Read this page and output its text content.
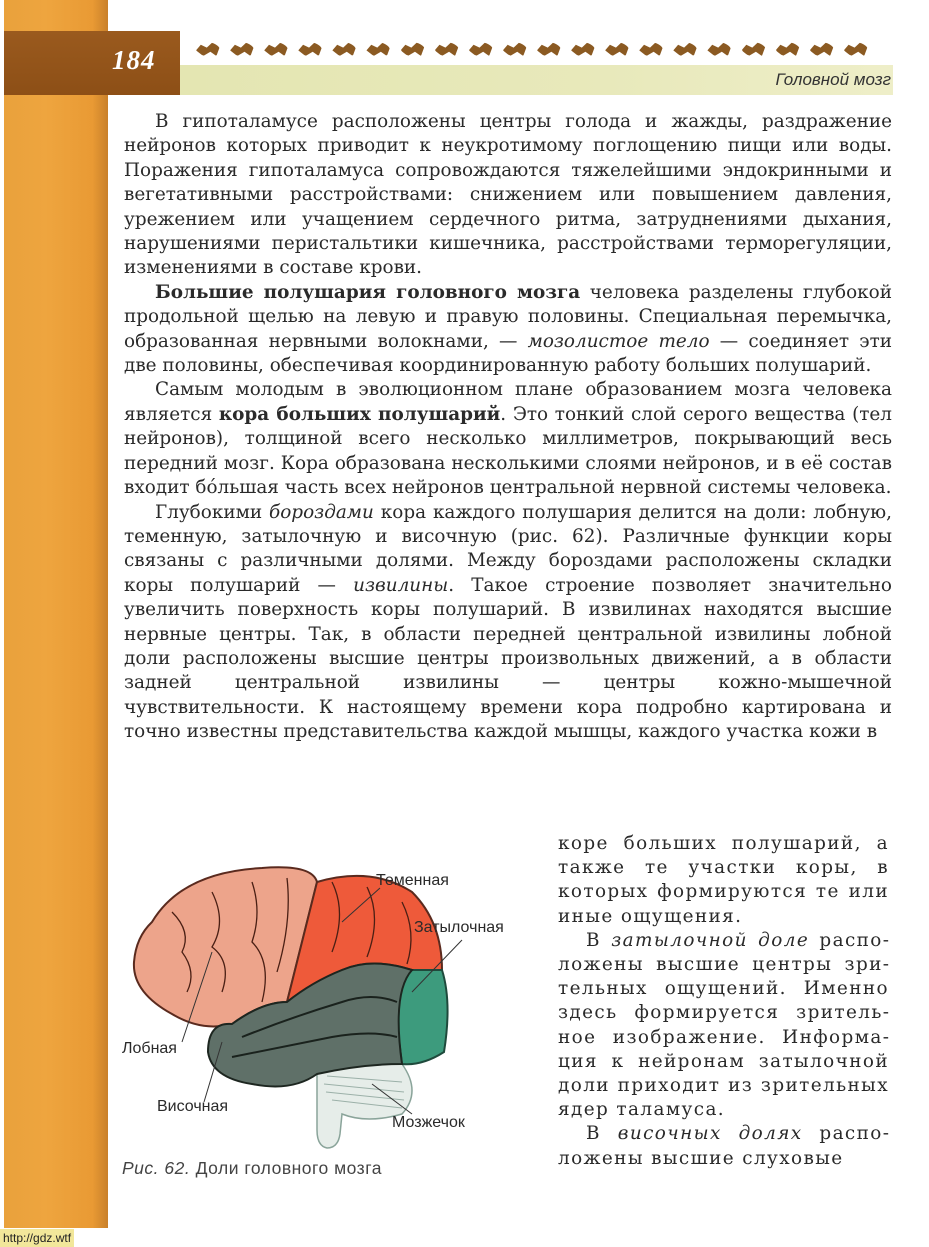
184
Головной мозг

В гипоталамусе расположены центры голода и жажды, раздражение нейронов которых приводит к неукротимому поглощению пищи или воды. Поражения гипоталамуса сопровождаются тяжелейшими эндокринными и вегетативными расстройствами: снижением или повышением давления, урежением или учащением сердечного ритма, затруднениями дыхания, нарушениями перистальтики кишечника, расстройствами терморегуляции, изменениями в составе крови.

Большие полушария головного мозга человека разделены глубокой продольной щелью на левую и правую половины. Специальная перемычка, образованная нервными волокнами, — мозолистое тело — соединяет эти две половины, обеспечивая координированную работу больших полушарий.

Самым молодым в эволюционном плане образованием мозга человека является кора больших полушарий. Это тонкий слой серого вещества (тел нейронов), толщиной всего несколько миллиметров, покрывающий весь передний мозг. Кора образована несколькими слоями нейронов, и в её состав входит бóльшая часть всех нейронов центральной нервной системы человека.

Глубокими бороздами кора каждого полушария делится на доли: лобную, теменную, затылочную и височную (рис. 62). Различные функции коры связаны с различными долями. Между бороздами расположены складки коры полушарий — извилины. Такое строение позволяет значительно увеличить поверхность коры полушарий. В извилинах находятся высшие нервные центры. Так, в области передней центральной извилины лобной доли расположены высшие центры произвольных движений, а в области задней центральной извилины — центры кожно-мышечной чувствительности. К настоящему времени кора подробно картирована и точно известны представительства каждой мышцы, каждого участка кожи в

коре больших полушарий, а также те участки коры, в которых формируются те или иные ощущения.

В затылочной доле расположены высшие центры зрительных ощущений. Именно здесь формируется зрительное изображение. Информация к нейронам затылочной доли приходит из зрительных ядер таламуса.

В височных долях расположены высшие слуховые

Теменная
Затылочная
Лобная
Височная
Мозжечок
Рис. 62. Доли головного мозга
http://gdz.wtf
